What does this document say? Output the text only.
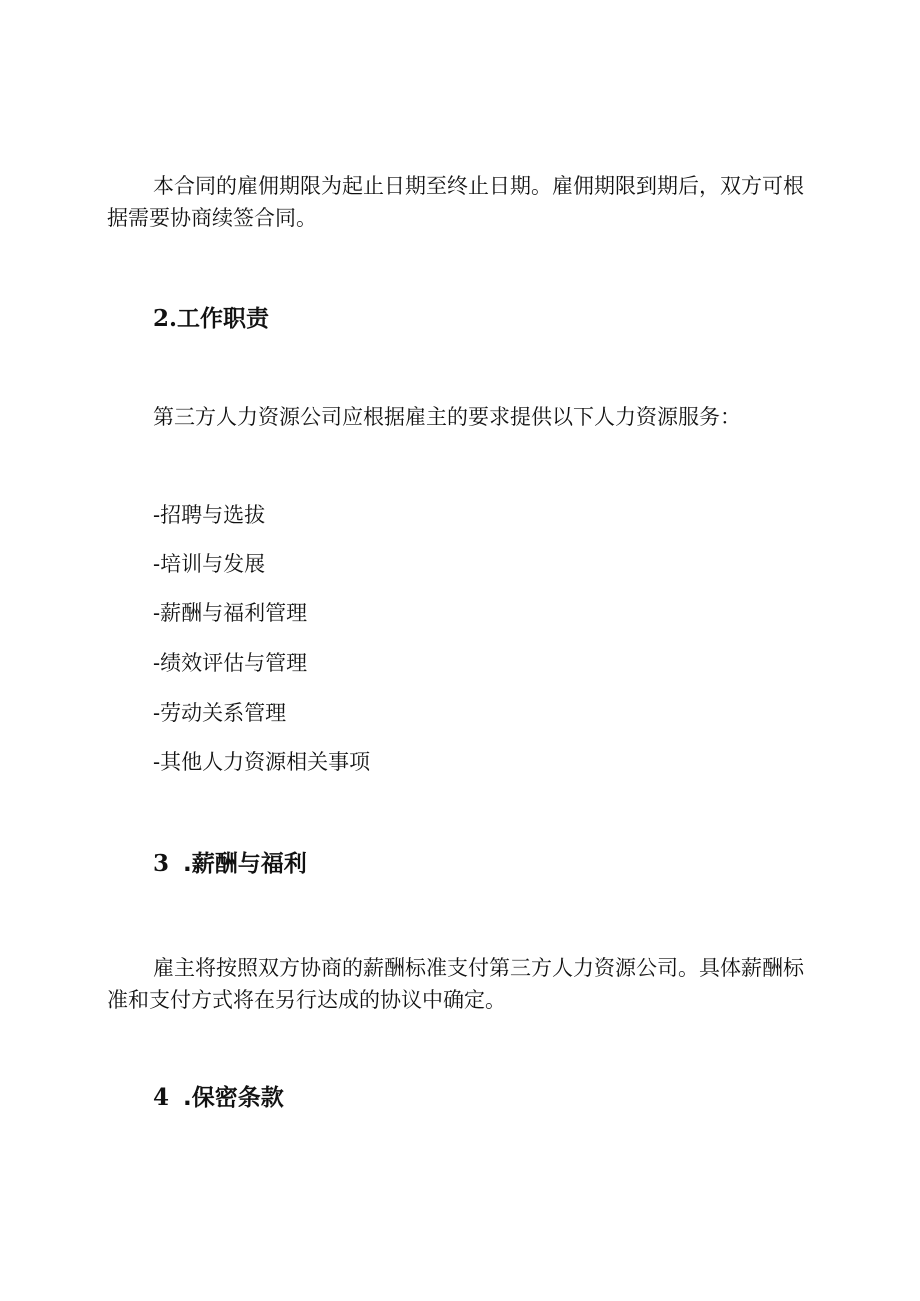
本合同的雇佣期限为起止日期至终止日期。雇佣期限到期后，双方可根据需要协商续签合同。

2.工作职责

第三方人力资源公司应根据雇主的要求提供以下人力资源服务：

-招聘与选拔

-培训与发展

-薪酬与福利管理

-绩效评估与管理

-劳动关系管理

-其他人力资源相关事项

3 .薪酬与福利

雇主将按照双方协商的薪酬标准支付第三方人力资源公司。具体薪酬标准和支付方式将在另行达成的协议中确定。

4 .保密条款
